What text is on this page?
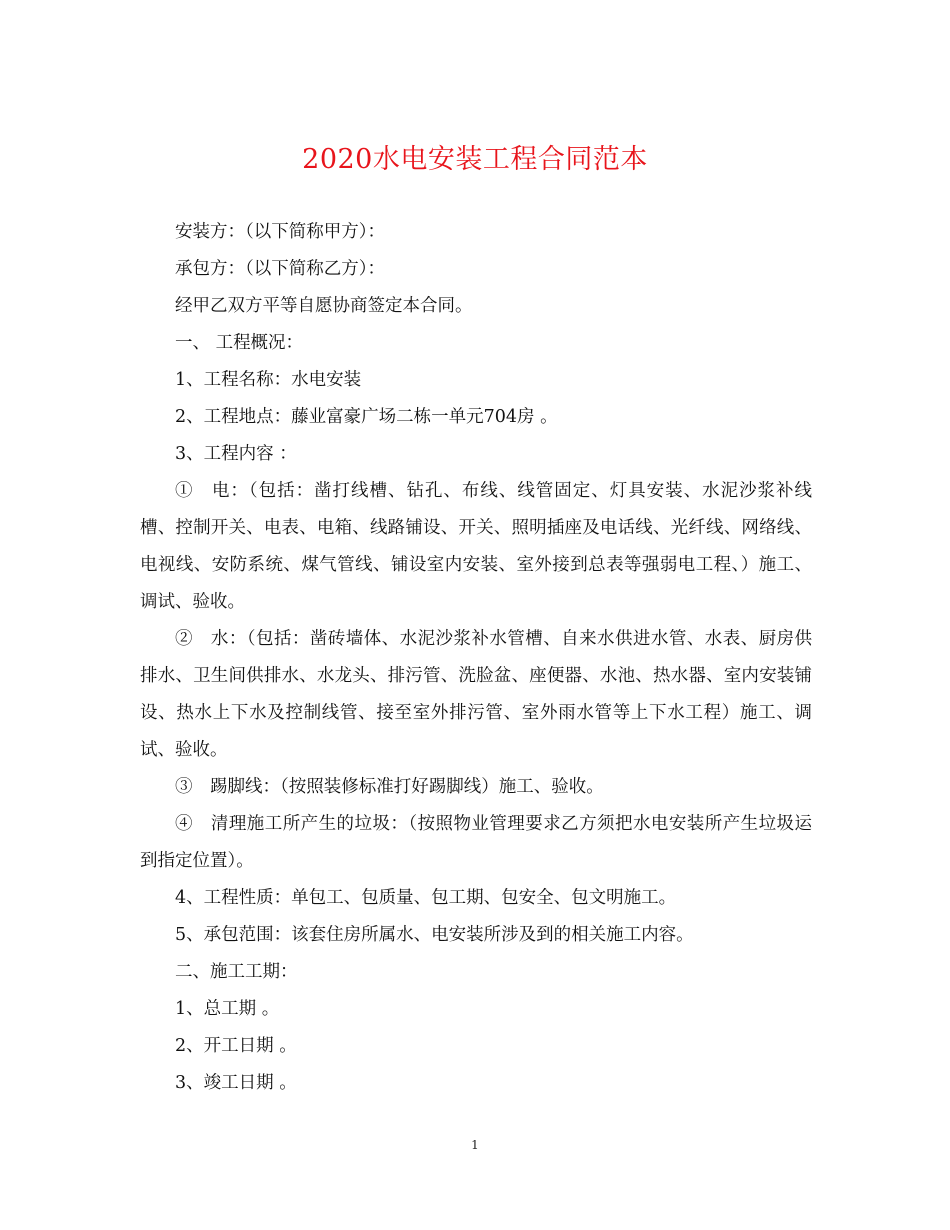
2020水电安装工程合同范本

安装方：（以下简称甲方）：

承包方：（以下简称乙方）：

经甲乙双方平等自愿协商签定本合同。

一、 工程概况：

1、工程名称：水电安装

2、工程地点：藤业富豪广场二栋一单元704房 。

3、工程内容 ：

①　电：（包括：凿打线槽、钻孔、布线、线管固定、灯具安装、水泥沙浆补线槽、控制开关、电表、电箱、线路铺设、开关、照明插座及电话线、光纤线、网络线、电视线、安防系统、煤气管线、铺设室内安装、室外接到总表等强弱电工程、）施工、调试、验收。

②　水：（包括：凿砖墙体、水泥沙浆补水管槽、自来水供进水管、水表、厨房供排水、卫生间供排水、水龙头、排污管、洗脸盆、座便器、水池、热水器、室内安装铺设、热水上下水及控制线管、接至室外排污管、室外雨水管等上下水工程）施工、调试、验收。

③　踢脚线：（按照装修标准打好踢脚线）施工、验收。

④　清理施工所产生的垃圾：（按照物业管理要求乙方须把水电安装所产生垃圾运到指定位置）。

4、工程性质：单包工、包质量、包工期、包安全、包文明施工。

5、承包范围：该套住房所属水、电安装所涉及到的相关施工内容。

二、施工工期：

1、总工期 。

2、开工日期 。

3、竣工日期 。

1
